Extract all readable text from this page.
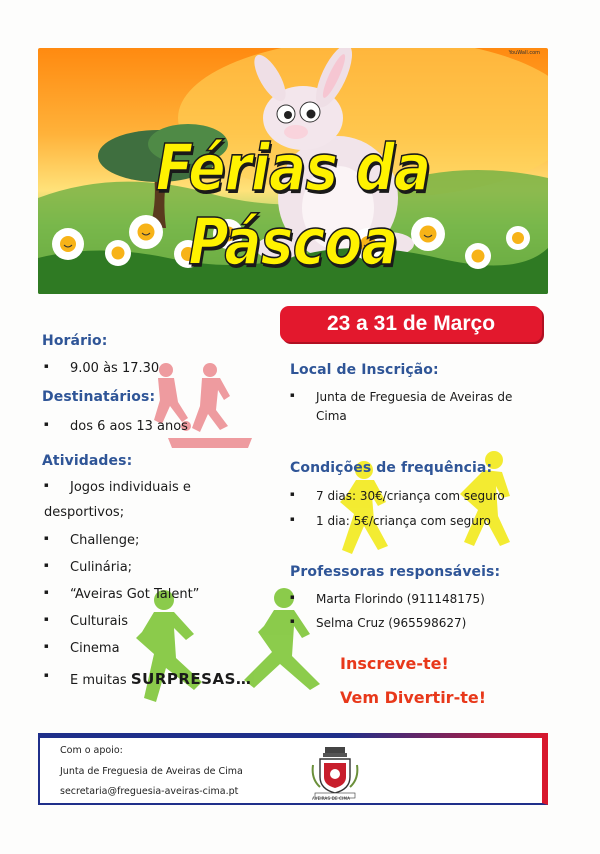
YouWall.com
Férias da Páscoa
23 a 31 de Março
Horário:
▪ 9.00 às 17.30
Destinatários:
▪ dos 6 aos 13 anos
Atividades:
▪ Jogos individuais e
desportivos;
▪ Challenge;
▪ Culinária;
▪ “Aveiras Got Talent”
▪ Culturais
▪ Cinema
▪ E muitas SURPRESAS…
Local de Inscrição:
▪ Junta de Freguesia de Aveiras de
Cima
Condições de frequência:
▪ 7 dias: 30€/criança com seguro
▪ 1 dia: 5€/criança com seguro
Professoras responsáveis:
▪ Marta Florindo (911148175)
▪ Selma Cruz (965598627)
Inscreve-te!
Vem Divertir-te!
Com o apoio:
Junta de Freguesia de Aveiras de Cima
secretaria@freguesia-aveiras-cima.pt
AVEIRAS DE CIMA
